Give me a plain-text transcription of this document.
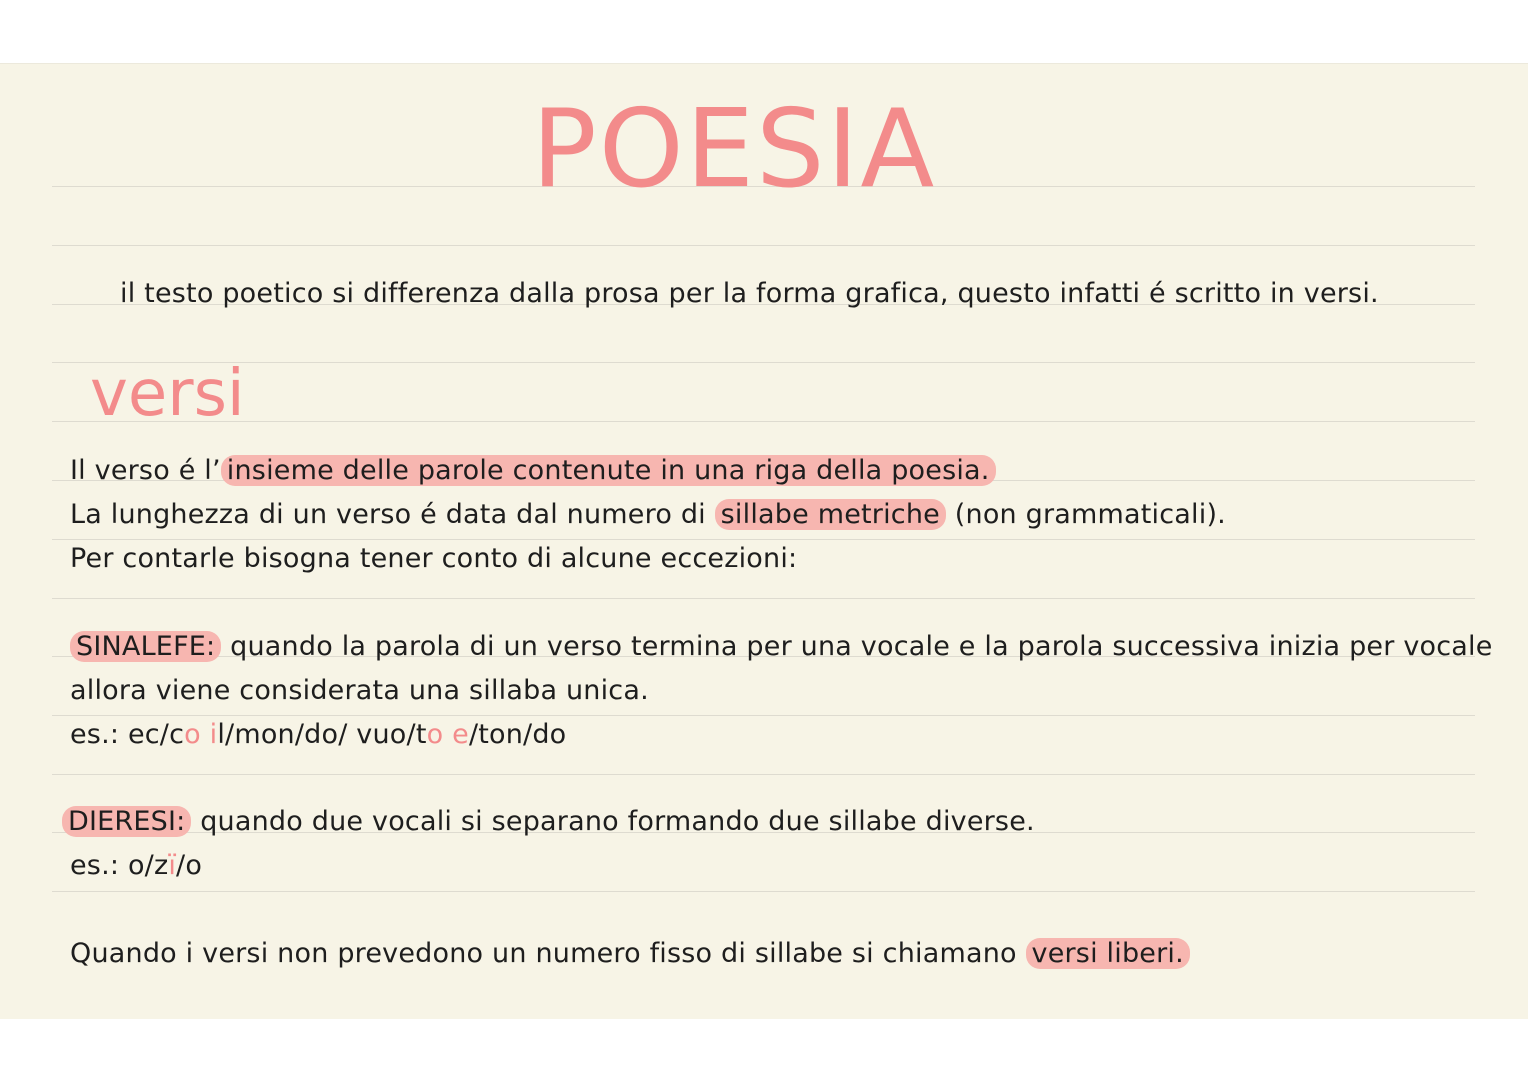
POESIA
il testo poetico si differenza dalla prosa per la forma grafica, questo infatti é scritto in versi.
versi
Il verso é l’ insieme delle parole contenute in una riga della poesia.
La lunghezza di un verso é data dal numero di sillabe metriche (non grammaticali).
Per contarle bisogna tener conto di alcune eccezioni:
SINALEFE: quando la parola di un verso termina per una vocale e la parola successiva inizia per vocale
allora viene considerata una sillaba unica.
es.: ec/co il/mon/do/ vuo/to e/ton/do
DIERESI: quando due vocali si separano formando due sillabe diverse.
es.: o/zï/o
Quando i versi non prevedono un numero fisso di sillabe si chiamano versi liberi.
